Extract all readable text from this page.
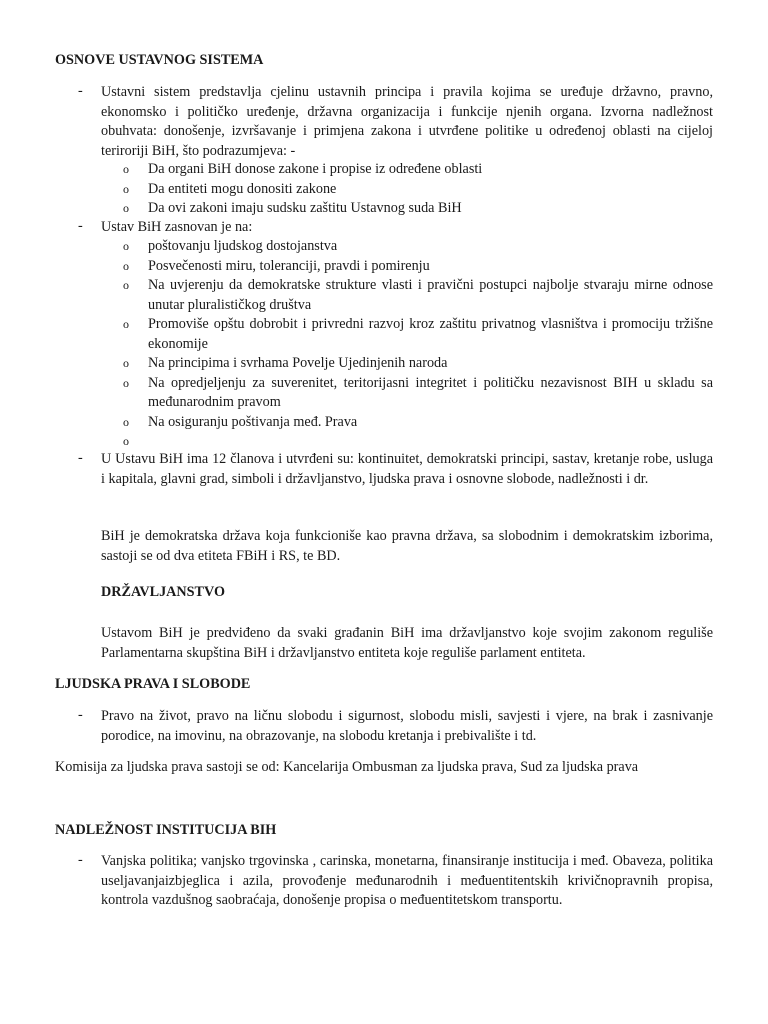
OSNOVE USTAVNOG SISTEMA
- Ustavni sistem predstavlja cjelinu ustavnih principa i pravila kojima se uređuje državno, pravno, ekonomsko i političko uređenje, državna organizacija i funkcije njenih organa. Izvorna nadležnost obuhvata: donošenje, izvršavanje i primjena zakona i utvrđene politike u određenoj oblasti na cijeloj teriroriji BiH, što podrazumjeva: -
o Da organi BiH donose zakone i propise iz određene oblasti
o Da entiteti mogu donositi zakone
o Da ovi zakoni imaju sudsku zaštitu Ustavnog suda BiH
- Ustav BiH zasnovan je na:
o poštovanju ljudskog dostojanstva
o Posvečenosti miru, toleranciji, pravdi i pomirenju
o Na uvjerenju da demokratske strukture vlasti i pravični postupci najbolje stvaraju mirne odnose unutar pluralističkog društva
o Promoviše opštu dobrobit i privredni razvoj kroz zaštitu privatnog vlasništva i promociju tržišne ekonomije
o Na principima i svrhama Povelje Ujedinjenih naroda
o Na opredjeljenju za suverenitet, teritorijasni integritet i političku nezavisnost BIH u skladu sa međunarodnim pravom
o Na osiguranju poštivanja međ. Prava
o
- U Ustavu BiH ima 12 članova i utvrđeni su: kontinuitet, demokratski principi, sastav, kretanje robe, usluga i kapitala, glavni grad, simboli i državljanstvo, ljudska prava i osnovne slobode, nadležnosti i dr.
BiH je demokratska država koja funkcioniše kao pravna država, sa slobodnim i demokratskim izborima, sastoji se od dva etiteta FBiH i RS, te BD.
DRŽAVLJANSTVO
Ustavom BiH je predviđeno da svaki građanin BiH ima državljanstvo koje svojim zakonom reguliše Parlamentarna skupština BiH i državljanstvo entiteta koje reguliše parlament entiteta.
LJUDSKA PRAVA I SLOBODE
- Pravo na život, pravo na ličnu slobodu i sigurnost, slobodu misli, savjesti i vjere, na brak i zasnivanje porodice, na imovinu, na obrazovanje, na slobodu kretanja i prebivalište i td.
Komisija za ljudska prava sastoji se od: Kancelarija Ombusman za ljudska prava, Sud za ljudska prava
NADLEŽNOST INSTITUCIJA BIH
- Vanjska politika; vanjsko trgovinska , carinska, monetarna, finansiranje institucija i međ. Obaveza, politika useljavanjaizbjeglica i azila, provođenje međunarodnih i međuentitentskih krivičnopravnih propisa, kontrola vazdušnog saobraćaja, donošenje propisa o međuentitetskom transportu.
